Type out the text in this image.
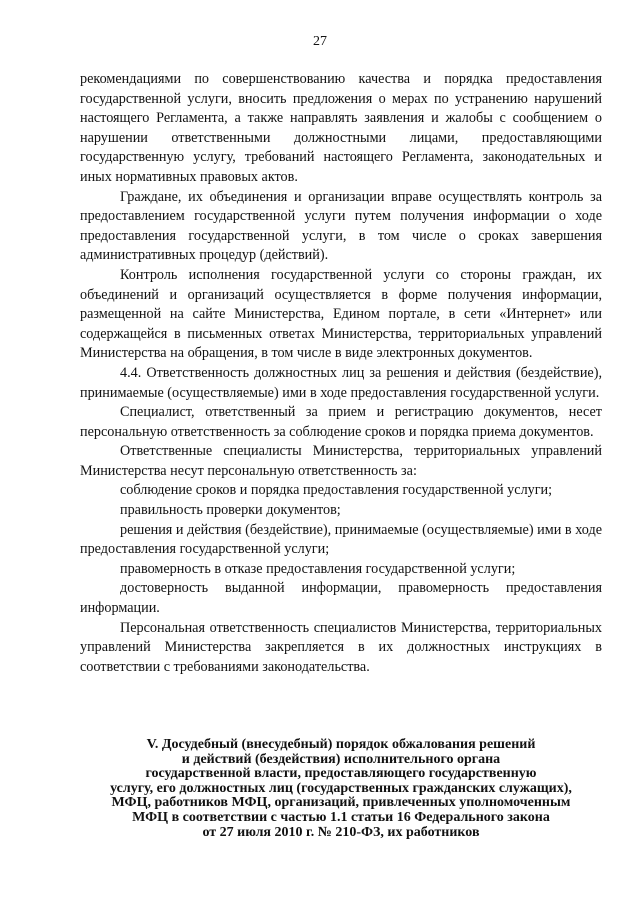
27

рекомендациями по совершенствованию качества и порядка предоставления государственной услуги, вносить предложения о мерах по устранению нарушений настоящего Регламента, а также направлять заявления и жалобы с сообщением о нарушении ответственными должностными лицами, предоставляющими государственную услугу, требований настоящего Регламента, законодательных и иных нормативных правовых актов.

Граждане, их объединения и организации вправе осуществлять контроль за предоставлением государственной услуги путем получения информации о ходе предоставления государственной услуги, в том числе о сроках завершения административных процедур (действий).

Контроль исполнения государственной услуги со стороны граждан, их объединений и организаций осуществляется в форме получения информации, размещенной на сайте Министерства, Едином портале, в сети «Интернет» или содержащейся в письменных ответах Министерства, территориальных управлений Министерства на обращения, в том числе в виде электронных документов.

4.4. Ответственность должностных лиц за решения и действия (бездействие), принимаемые (осуществляемые) ими в ходе предоставления государственной услуги.

Специалист, ответственный за прием и регистрацию документов, несет персональную ответственность за соблюдение сроков и порядка приема документов.

Ответственные специалисты Министерства, территориальных управлений Министерства несут персональную ответственность за:

соблюдение сроков и порядка предоставления государственной услуги;

правильность проверки документов;

решения и действия (бездействие), принимаемые (осуществляемые) ими в ходе предоставления государственной услуги;

правомерность в отказе предоставления государственной услуги;

достоверность выданной информации, правомерность предоставления информации.

Персональная ответственность специалистов Министерства, территориальных управлений Министерства закрепляется в их должностных инструкциях в соответствии с требованиями законодательства.

V. Досудебный (внесудебный) порядок обжалования решений
и действий (бездействия) исполнительного органа
государственной власти, предоставляющего государственную
услугу, его должностных лиц (государственных гражданских служащих),
МФЦ, работников МФЦ, организаций, привлеченных уполномоченным
МФЦ в соответствии с частью 1.1 статьи 16 Федерального закона
от 27 июля 2010 г. № 210-ФЗ, их работников
